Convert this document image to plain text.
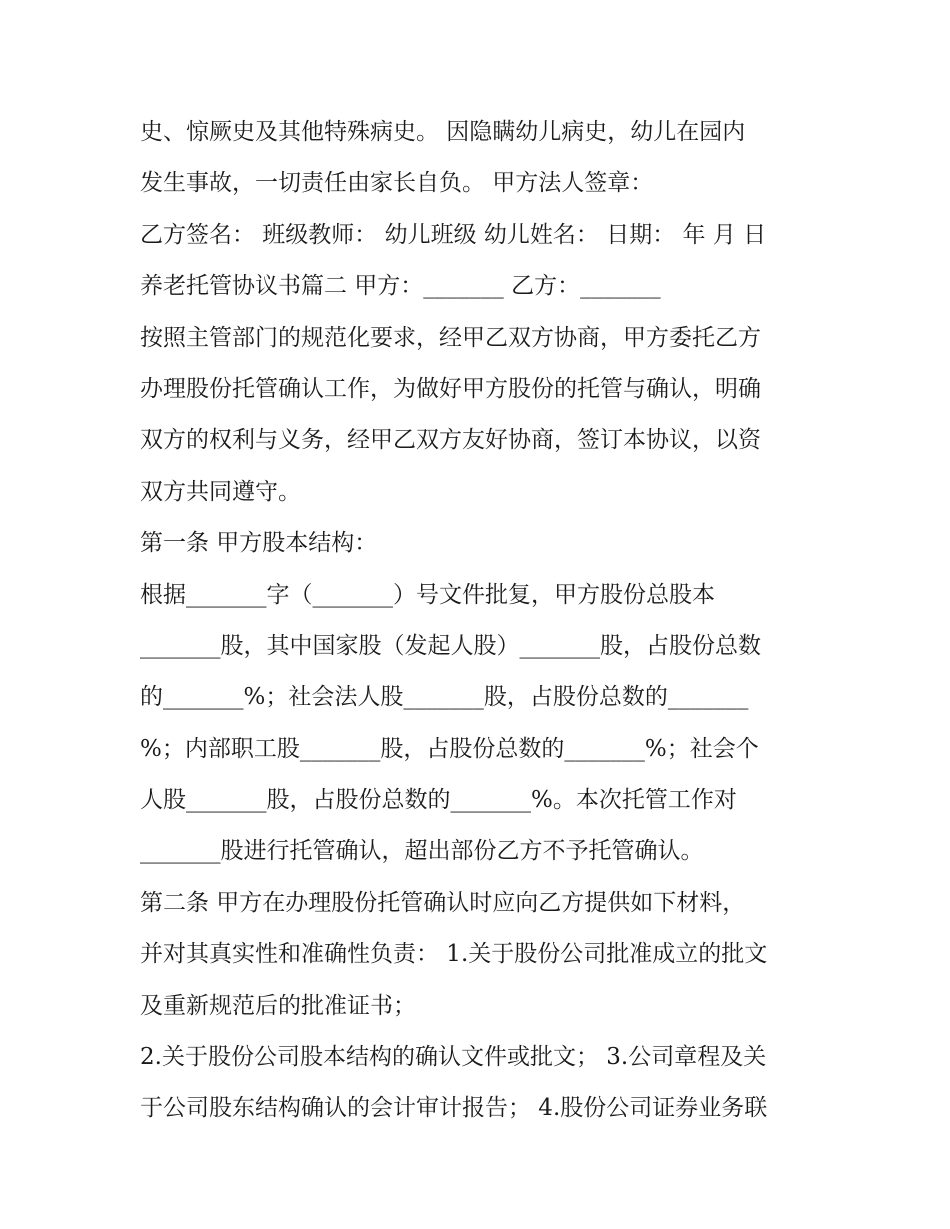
史、惊厥史及其他特殊病史。 因隐瞒幼儿病史，幼儿在园内
发生事故，一切责任由家长自负。 甲方法人签章：
乙方签名： 班级教师： 幼儿班级 幼儿姓名： 日期： 年 月 日
养老托管协议书篇二 甲方：_______ 乙方：_______
按照主管部门的规范化要求，经甲乙双方协商，甲方委托乙方
办理股份托管确认工作，为做好甲方股份的托管与确认，明确
双方的权利与义务，经甲乙双方友好协商，签订本协议，以资
双方共同遵守。
第一条 甲方股本结构：
根据_______字（_______）号文件批复，甲方股份总股本
_______股，其中国家股（发起人股）_______股，占股份总数
的_______%；社会法人股_______股，占股份总数的_______
%；内部职工股_______股，占股份总数的_______%；社会个
人股_______股，占股份总数的_______%。本次托管工作对
_______股进行托管确认，超出部份乙方不予托管确认。
第二条 甲方在办理股份托管确认时应向乙方提供如下材料，
并对其真实性和准确性负责： 1.关于股份公司批准成立的批文
及重新规范后的批准证书；
2.关于股份公司股本结构的确认文件或批文； 3.公司章程及关
于公司股东结构确认的会计审计报告； 4.股份公司证券业务联
